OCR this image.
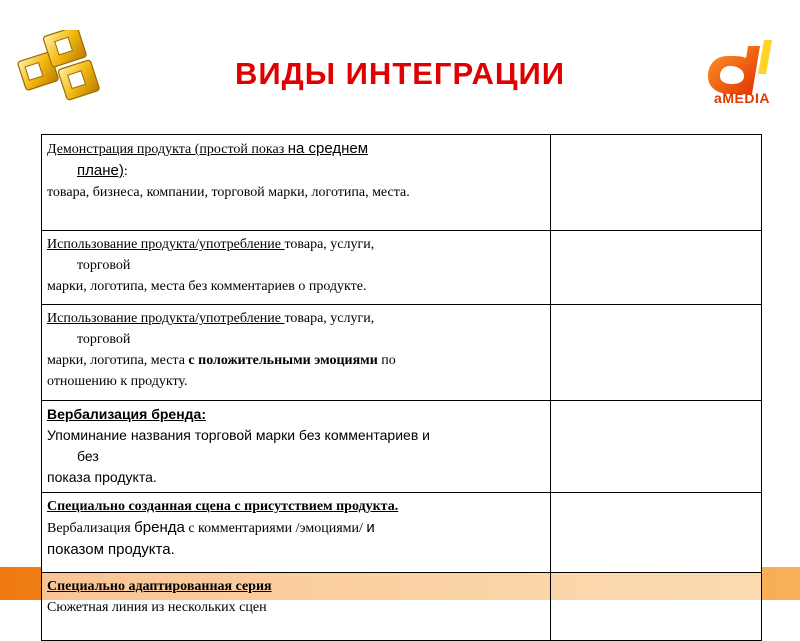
ВИДЫ ИНТЕГРАЦИИ
aMEDIA
Демонстрация продукта (простой показ на среднем
плане):
товара, бизнеса, компании, торговой марки, логотипа, места.	

Использование продукта/употребление товара, услуги,
торговой
марки, логотипа, места без комментариев о продукте.	

Использование продукта/употребление товара, услуги,
торговой
марки, логотипа, места с положительными эмоциями по
отношению к продукту.	

Вербализация бренда:
Упоминание названия торговой марки без комментариев и
без
показа продукта.	

Специально созданная сцена с присутствием продукта.
Вербализация бренда с комментариями /эмоциями/ и
показом продукта.	

Специально адаптированная серия
Сюжетная линия из нескольких сцен	
